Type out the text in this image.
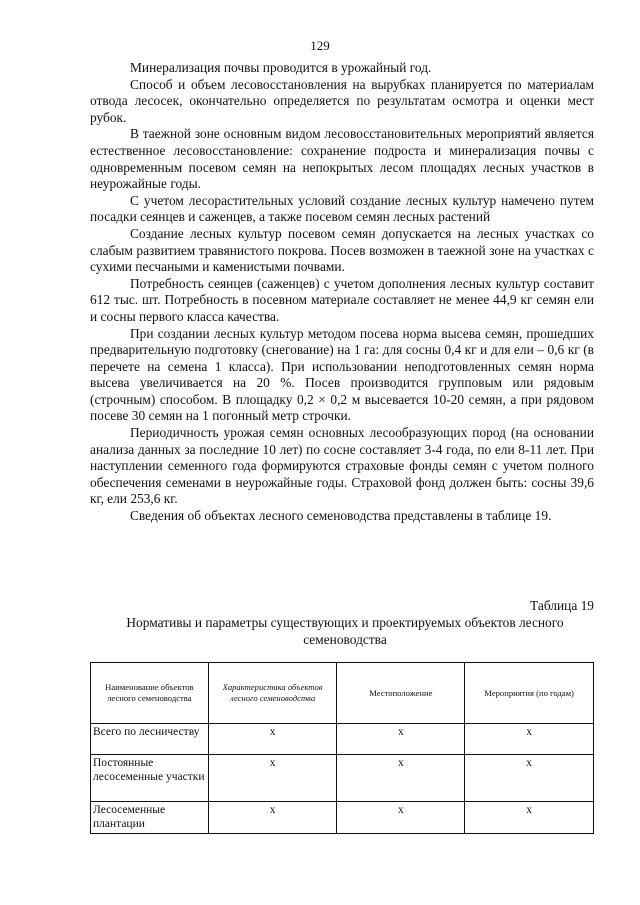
129

Минерализация почвы проводится в урожайный год.

Способ и объем лесовосстановления на вырубках планируется по материалам отвода лесосек, окончательно определяется по результатам осмотра и оценки мест рубок.

В таежной зоне основным видом лесовосстановительных мероприятий является естественное лесовосстановление: сохранение подроста и минерализация почвы с одновременным посевом семян на непокрытых лесом площадях лесных участков в неурожайные годы.

С учетом лесорастительных условий создание лесных культур намечено путем посадки сеянцев и саженцев, а также посевом семян лесных растений

Создание лесных культур посевом семян допускается на лесных участках со слабым развитием травянистого покрова. Посев возможен в таежной зоне на участках с сухими песчаными и каменистыми почвами.

Потребность сеянцев (саженцев) с учетом дополнения лесных культур составит 612 тыс. шт. Потребность в посевном материале составляет не менее 44,9 кг семян ели и сосны первого класса качества.

При создании лесных культур методом посева норма высева семян, прошедших предварительную подготовку (снегование) на 1 га: для сосны 0,4 кг и для ели – 0,6 кг (в перечете на семена 1 класса). При использовании неподготовленных семян норма высева увеличивается на 20 %. Посев производится групповым или рядовым (строчным) способом. В площадку 0,2 × 0,2 м высевается 10-20 семян, а при рядовом посеве 30 семян на 1 погонный метр строчки.

Периодичность урожая семян основных лесообразующих пород (на основании анализа данных за последние 10 лет) по сосне составляет 3-4 года, по ели 8-11 лет. При наступлении семенного года формируются страховые фонды семян с учетом полного обеспечения семенами в неурожайные годы. Страховой фонд должен быть: сосны 39,6 кг, ели 253,6 кг.

Сведения об объектах лесного семеноводства представлены в таблице 19.

Таблица 19
Нормативы и параметры существующих и проектируемых объектов лесного семеноводства
Наименование объектов лесного семеноводства	Характеристика объектов лесного семеноводства	Местоположение	Мероприятия (по годам)
Всего по лесничеству	х	х	х
Постоянные лесосеменные участки	х	х	х
Лесосеменные плантации	х	х	х
